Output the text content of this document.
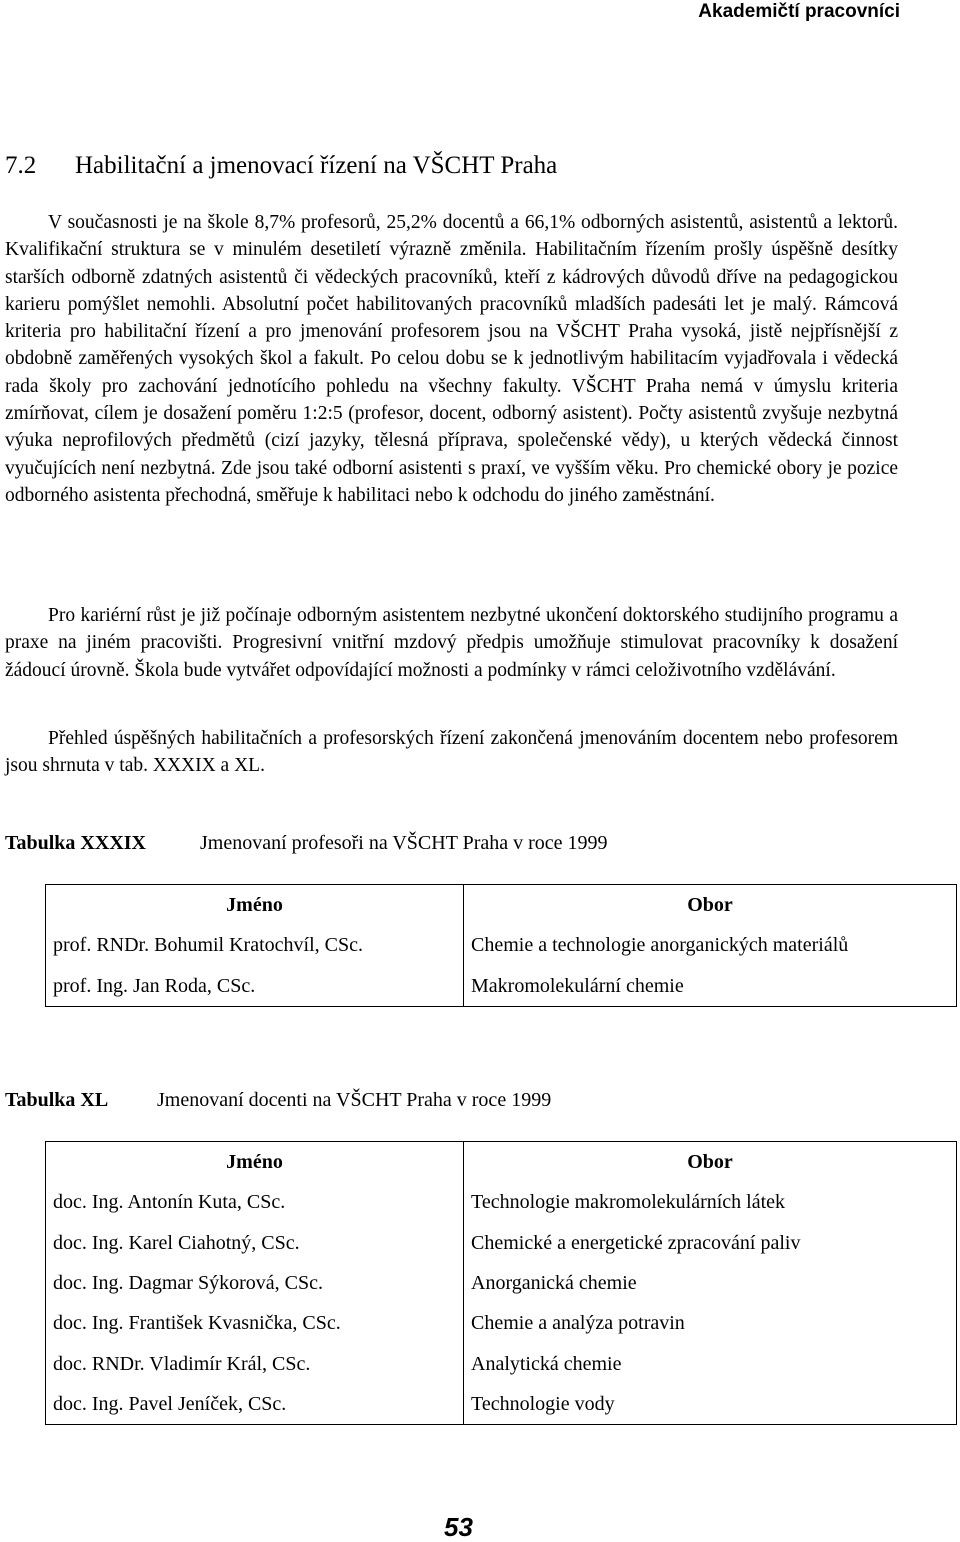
Akademičtí pracovníci
7.2 Habilitační a jmenovací řízení na VŠCHT Praha

V současnosti je na škole 8,7% profesorů, 25,2% docentů a 66,1% odborných asistentů, asistentů a lektorů. Kvalifikační struktura se v minulém desetiletí výrazně změnila. Habilitačním řízením prošly úspěšně desítky starších odborně zdatných asistentů či vědeckých pracovníků, kteří z kádrových důvodů dříve na pedagogickou karieru pomýšlet nemohli. Absolutní počet habilitovaných pracovníků mladších padesáti let je malý. Rámcová kriteria pro habilitační řízení a pro jmenování profesorem jsou na VŠCHT Praha vysoká, jistě nejpřísnější z obdobně zaměřených vysokých škol a fakult. Po celou dobu se k jednotlivým habilitacím vyjadřovala i vědecká rada školy pro zachování jednotícího pohledu na všechny fakulty. VŠCHT Praha nemá v úmyslu kriteria zmírňovat, cílem je dosažení poměru 1:2:5 (profesor, docent, odborný asistent). Počty asistentů zvyšuje nezbytná výuka neprofilových předmětů (cizí jazyky, tělesná příprava, společenské vědy), u kterých vědecká činnost vyučujících není nezbytná. Zde jsou také odborní asistenti s praxí, ve vyšším věku. Pro chemické obory je pozice odborného asistenta přechodná, směřuje k habilitaci nebo k odchodu do jiného zaměstnání.

Pro kariérní růst je již počínaje odborným asistentem nezbytné ukončení doktorského studijního programu a praxe na jiném pracovišti. Progresivní vnitřní mzdový předpis umožňuje stimulovat pracovníky k dosažení žádoucí úrovně. Škola bude vytvářet odpovídající možnosti a podmínky v rámci celoživotního vzdělávání.

Přehled úspěšných habilitačních a profesorských řízení zakončená jmenováním docentem nebo profesorem jsou shrnuta v tab. XXXIX a XL.

Tabulka XXXIX	Jmenovaní profesoři na VŠCHT Praha v roce 1999
Jméno	Obor
prof. RNDr. Bohumil Kratochvíl, CSc.	Chemie a technologie anorganických materiálů
prof. Ing. Jan Roda, CSc.	Makromolekulární chemie
Tabulka XL Jmenovaní docenti na VŠCHT Praha v roce 1999
Jméno	Obor
doc. Ing. Antonín Kuta, CSc.	Technologie makromolekulárních látek
doc. Ing. Karel Ciahotný, CSc.	Chemické a energetické zpracování paliv
doc. Ing. Dagmar Sýkorová, CSc.	Anorganická chemie
doc. Ing. František Kvasnička, CSc.	Chemie a analýza potravin
doc. RNDr. Vladimír Král, CSc.	Analytická chemie
doc. Ing. Pavel Jeníček, CSc.	Technologie vody
53
